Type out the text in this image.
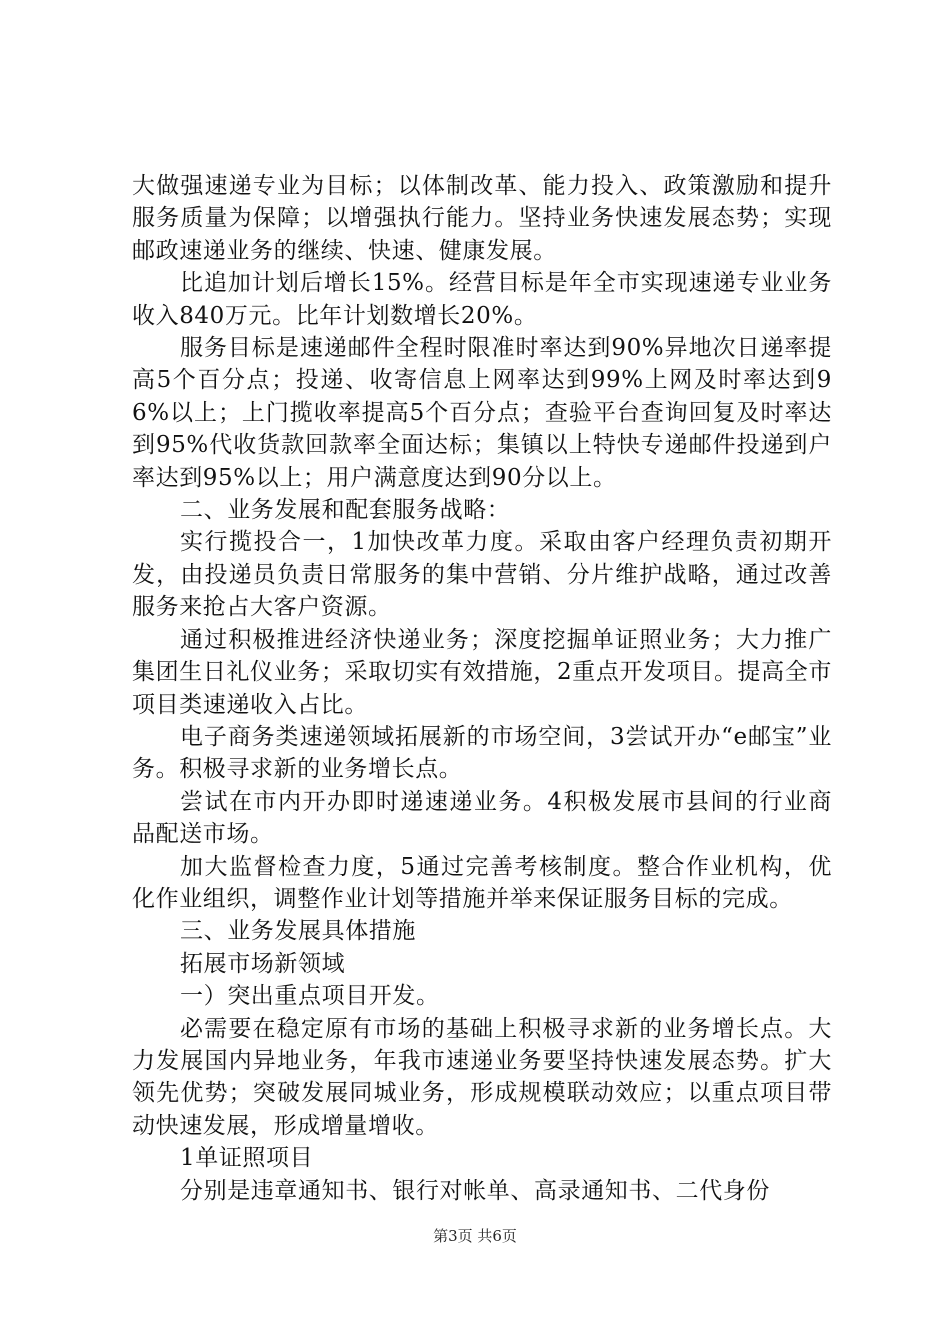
大做强速递专业为目标；以体制改革、能力投入、政策激励和提升服务质量为保障；以增强执行能力。坚持业务快速发展态势；实现邮政速递业务的继续、快速、健康发展。

比追加计划后增长15%。经营目标是年全市实现速递专业业务收入840万元。比年计划数增长20%。

服务目标是速递邮件全程时限准时率达到90%异地次日递率提高5个百分点；投递、收寄信息上网率达到99%上网及时率达到96%以上；上门揽收率提高5个百分点；查验平台查询回复及时率达到95%代收货款回款率全面达标；集镇以上特快专递邮件投递到户率达到95%以上；用户满意度达到90分以上。

二、业务发展和配套服务战略：

实行揽投合一，1加快改革力度。采取由客户经理负责初期开发，由投递员负责日常服务的集中营销、分片维护战略，通过改善服务来抢占大客户资源。

通过积极推进经济快递业务；深度挖掘单证照业务；大力推广集团生日礼仪业务；采取切实有效措施，2重点开发项目。提高全市项目类速递收入占比。

电子商务类速递领域拓展新的市场空间，3尝试开办“e邮宝”业务。积极寻求新的业务增长点。

尝试在市内开办即时递速递业务。4积极发展市县间的行业商品配送市场。

加大监督检查力度，5通过完善考核制度。整合作业机构，优化作业组织，调整作业计划等措施并举来保证服务目标的完成。

三、业务发展具体措施

拓展市场新领域

一）突出重点项目开发。

必需要在稳定原有市场的基础上积极寻求新的业务增长点。大力发展国内异地业务，年我市速递业务要坚持快速发展态势。扩大领先优势；突破发展同城业务，形成规模联动效应；以重点项目带动快速发展，形成增量增收。

1单证照项目

分别是违章通知书、银行对帐单、高录通知书、二代身份

第3页 共6页
